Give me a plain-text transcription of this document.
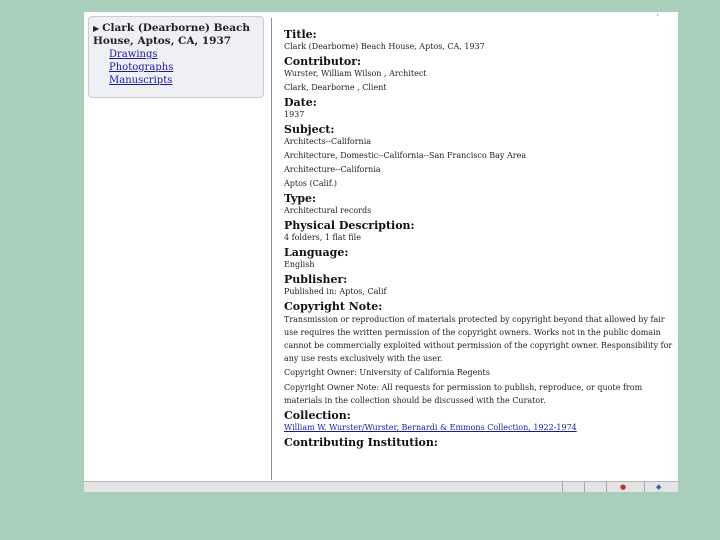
`
▶ Clark (Dearborne) Beach House, Aptos, CA, 1937
Drawings
Photographs
Manuscripts
Title:
Clark (Dearborne) Beach House, Aptos, CA, 1937
Contributor:
Wurster, William Wilson , Architect
Clark, Dearborne , Client
Date:
1937
Subject:
Architects--California
Architecture, Domestic--California--San Francisco Bay Area
Architecture--California
Aptos (Calif.)
Type:
Architectural records
Physical Description:
4 folders, 1 flat file
Language:
English
Publisher:
Published in: Aptos, Calif
Copyright Note:
Transmission or reproduction of materials protected by copyright beyond that allowed by fair use requires the written permission of the copyright owners. Works not in the public domain cannot be commercially exploited without permission of the copyright owner. Responsibility for any use rests exclusively with the user.
Copyright Owner: University of California Regents
Copyright Owner Note: All requests for permission to publish, reproduce, or quote from materials in the collection should be discussed with the Curator.
Collection:
William W. Wurster/Wurster, Bernardi & Emmons Collection, 1922-1974
Contributing Institution:
●	◆
